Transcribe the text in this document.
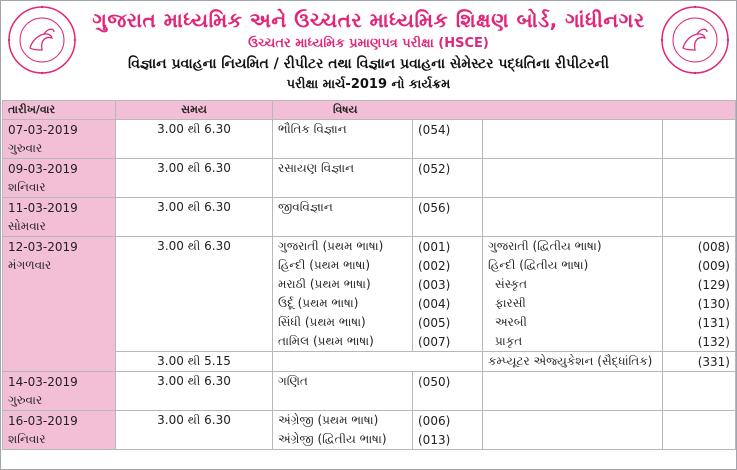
ગુજરાત માધ્યમિક અને ઉચ્ચતર માધ્યમિક શિક્ષણ બોર્ડ, ગાંધીનગર
ઉચ્ચતર માધ્યમિક પ્રમાણપત્ર પરીક્ષા (HSCE)
વિજ્ઞાન પ્રવાહના નિયમિત / રીપીટર તથા વિજ્ઞાન પ્રવાહના સેમેસ્ટર પદ્ધતિના રીપીટરની
પરીક્ષા માર્ચ-2019 નો કાર્યક્રમ
તારીખ/વાર	સમય	વિષય			
07-03-2019	3.00 થી 6.30	ભૌતિક વિજ્ઞાન	(054)		
ગુરુવાર					
09-03-2019	3.00 થી 6.30	રસાયણ વિજ્ઞાન	(052)		
શનિવાર					
11-03-2019	3.00 થી 6.30	જીવવિજ્ઞાન	(056)		
સોમવાર					
12-03-2019	3.00 થી 6.30	ગુજરાતી (પ્રથમ ભાષા)	(001)	ગુજરાતી (દ્વિતીય ભાષા)	(008)
મંગળવાર		હિન્દી (પ્રથમ ભાષા)	(002)	હિન્દી (દ્વિતીય ભાષા)	(009)
		મરાઠી (પ્રથમ ભાષા)	(003)	સંસ્કૃત	(129)
		ઉર્દૂ (પ્રથમ ભાષા)	(004)	ફારસી	(130)
		સિંધી (પ્રથમ ભાષા)	(005)	અરબી	(131)
		તામિલ (પ્રથમ ભાષા)	(007)	પ્રાકૃત	(132)
	3.00 થી 5.15			કમ્પ્યૂટર એજ્યુકેશન (સૈદ્ધાંતિક)	(331)
14-03-2019	3.00 થી 6.30	ગણિત	(050)		
ગુરુવાર					
16-03-2019	3.00 થી 6.30	અંગ્રેજી (પ્રથમ ભાષા)	(006)		
શનિવાર		અંગ્રેજી (દ્વિતીય ભાષા)	(013)		
